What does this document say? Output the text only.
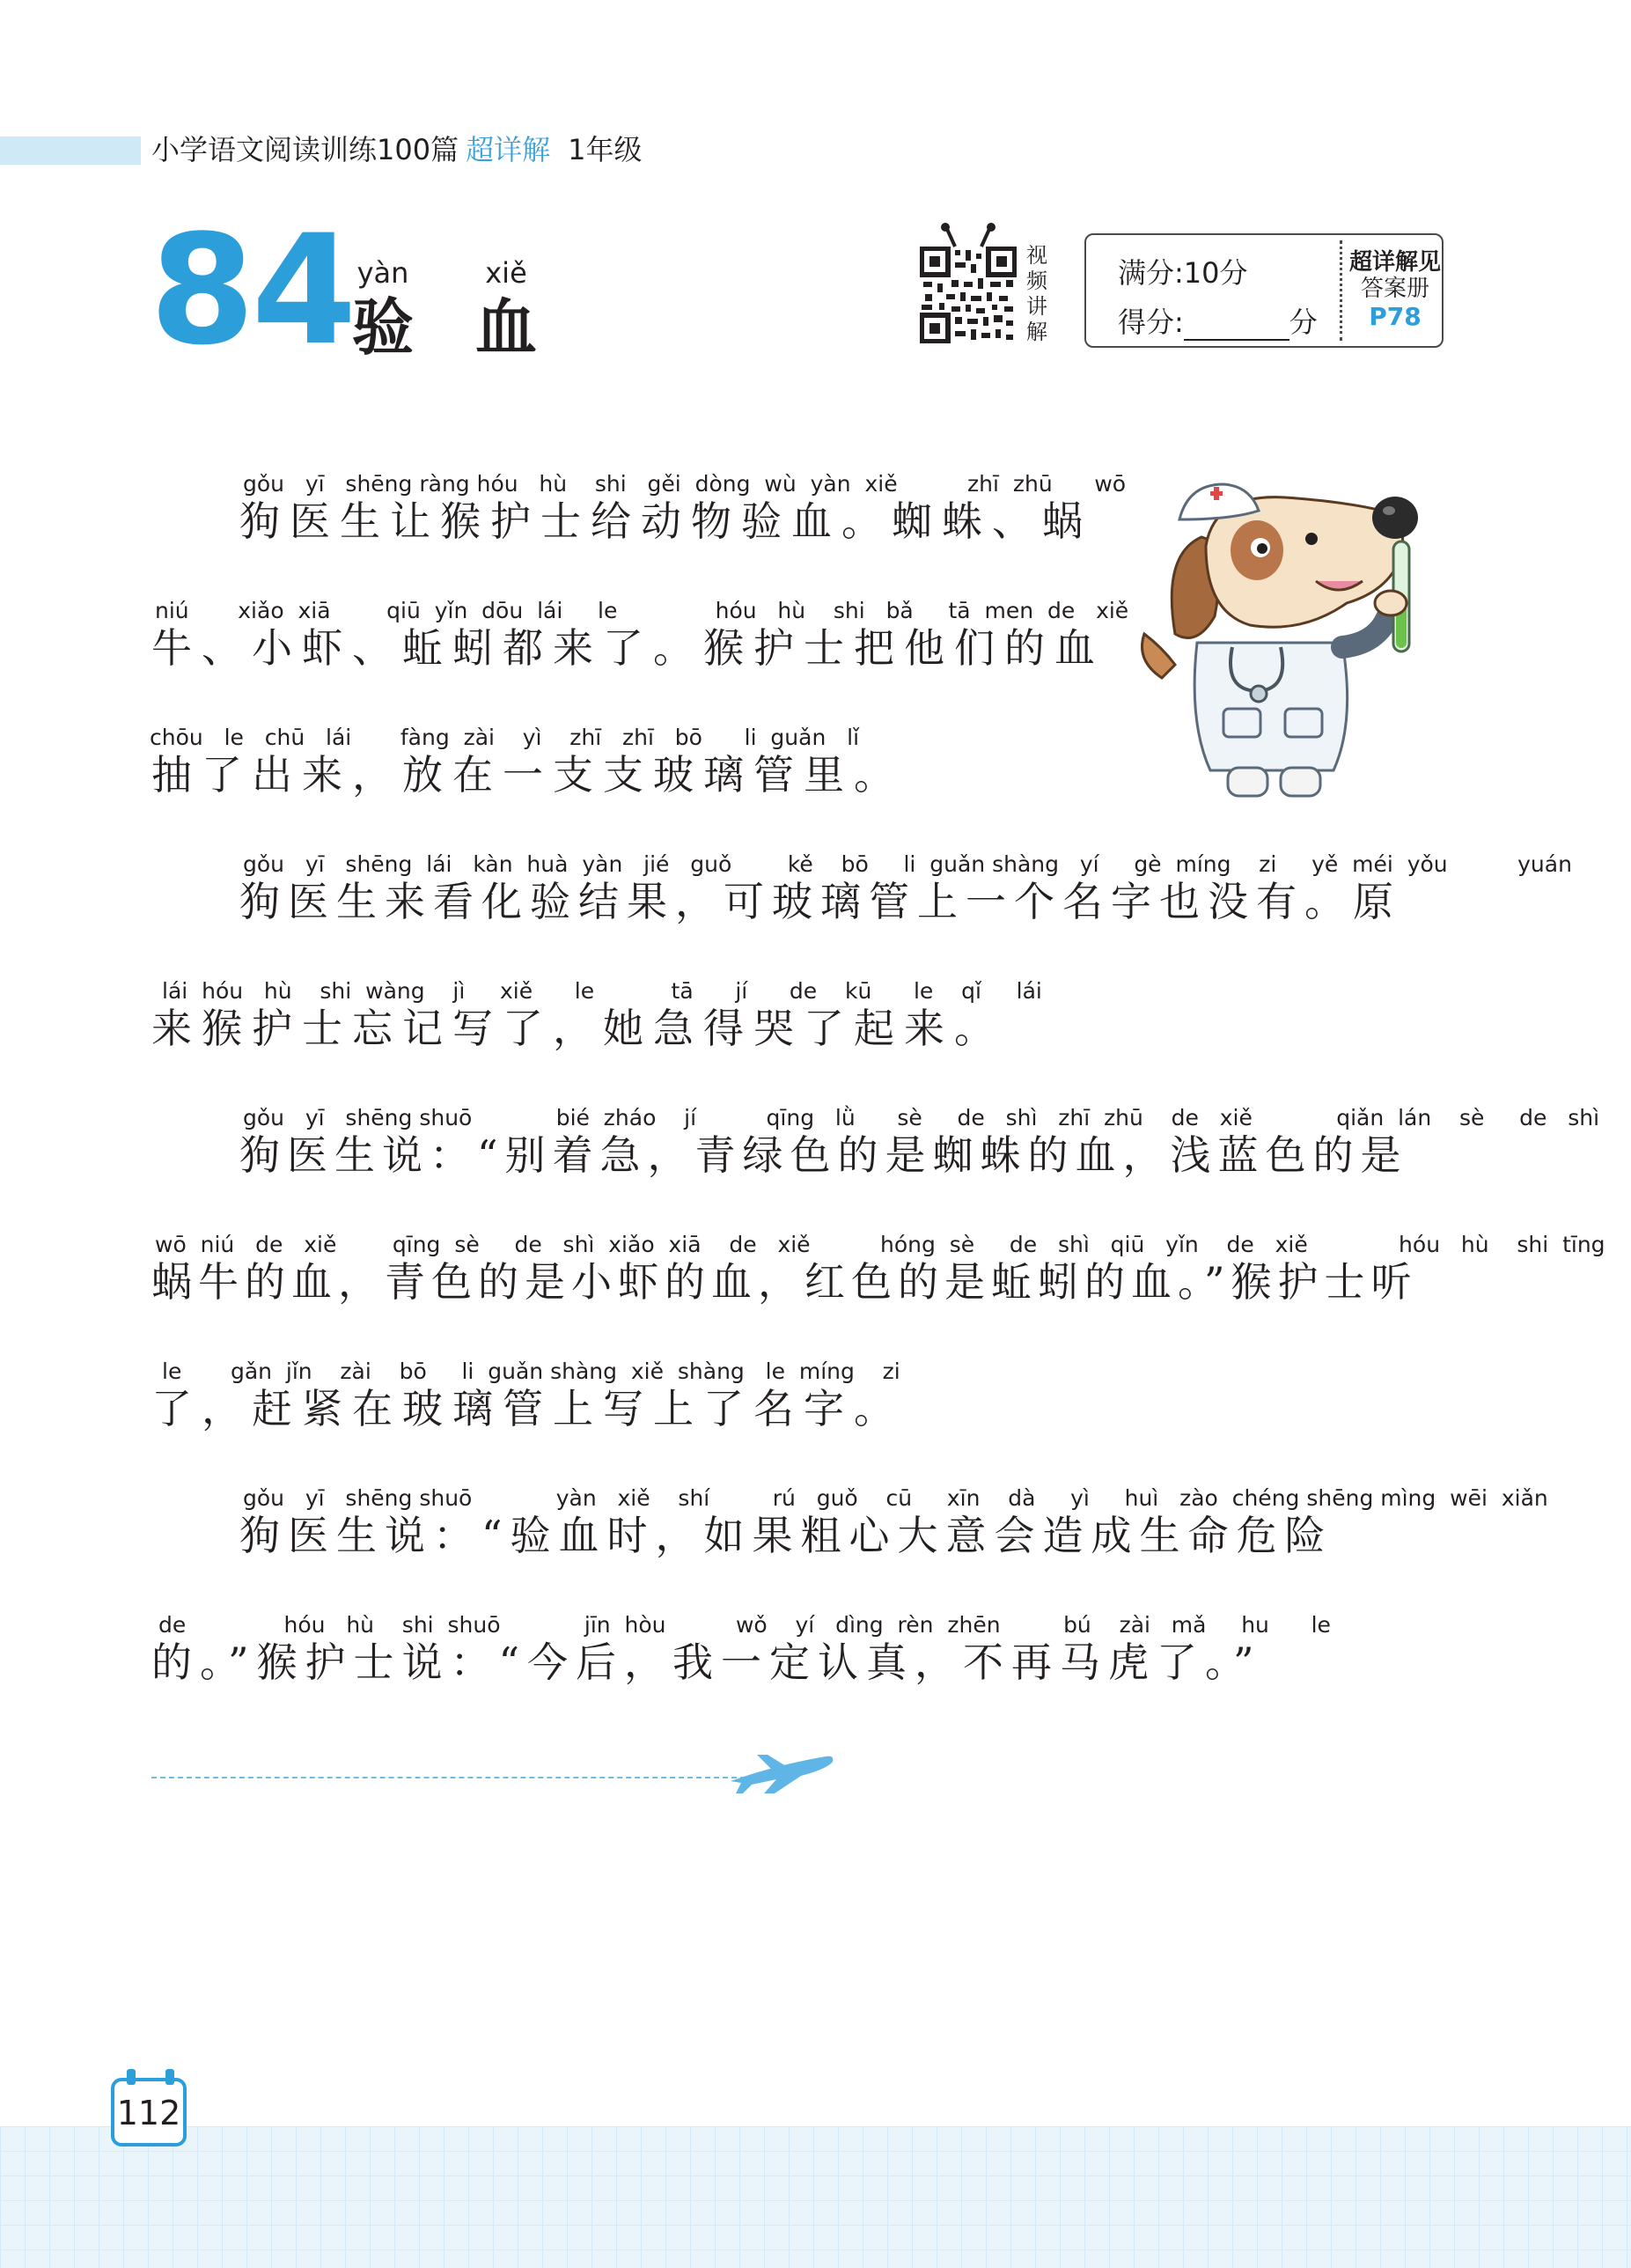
小学语文阅读训练100篇 超详解 1年级
84 yàn
验
xiě
血
视
频
讲
解
满分:10分
得分:	分
超详解见
答案册
P78
gǒu   yī   shēng ràng hóu   hù    shi   gěi  dòng  wù  yàn  xiě          zhī  zhū      wō
狗医生让猴护士给动物验血。蜘蛛、蜗
niú       xiǎo  xiā        qiū  yǐn  dōu  lái     le              hóu   hù    shi   bǎ     tā  men  de   xiě
牛、小虾、蚯蚓都来了。猴护士把他们的血
chōu   le   chū   lái       fàng  zài    yì    zhī   zhī   bō      li  guǎn   lǐ
抽了出来，放在一支支玻璃管里。
gǒu   yī   shēng  lái   kàn  huà  yàn   jié   guǒ        kě    bō     li  guǎn shàng   yí     gè  míng    zi     yě  méi  yǒu          yuán
狗医生来看化验结果，可玻璃管上一个名字也没有。原
lái  hóu   hù    shi  wàng    jì     xiě      le           tā      jí      de    kū      le    qǐ     lái
来猴护士忘记写了，她急得哭了起来。
gǒu   yī   shēng shuō            bié  zháo    jí          qīng   lǜ      sè     de   shì   zhī  zhū    de   xiě            qiǎn  lán    sè     de   shì
狗医生说：“别着急，青绿色的是蜘蛛的血，浅蓝色的是
wō  niú   de   xiě        qīng  sè     de   shì  xiǎo  xiā    de   xiě          hóng  sè     de   shì   qiū   yǐn    de   xiě             hóu   hù    shi  tīng
蜗牛的血，青色的是小虾的血，红色的是蚯蚓的血。”猴护士听
le       gǎn  jǐn    zài    bō     li  guǎn shàng  xiě  shàng   le  míng    zi
了，赶紧在玻璃管上写上了名字。
gǒu   yī   shēng shuō            yàn   xiě    shí         rú   guǒ    cū     xīn    dà     yì     huì   zào  chéng shēng mìng  wēi  xiǎn
狗医生说：“验血时，如果粗心大意会造成生命危险
de              hóu   hù    shi  shuō            jīn  hòu          wǒ    yí   dìng  rèn  zhēn         bú    zài   mǎ     hu      le
的。”猴护士说：“今后，我一定认真，不再马虎了。”
112
